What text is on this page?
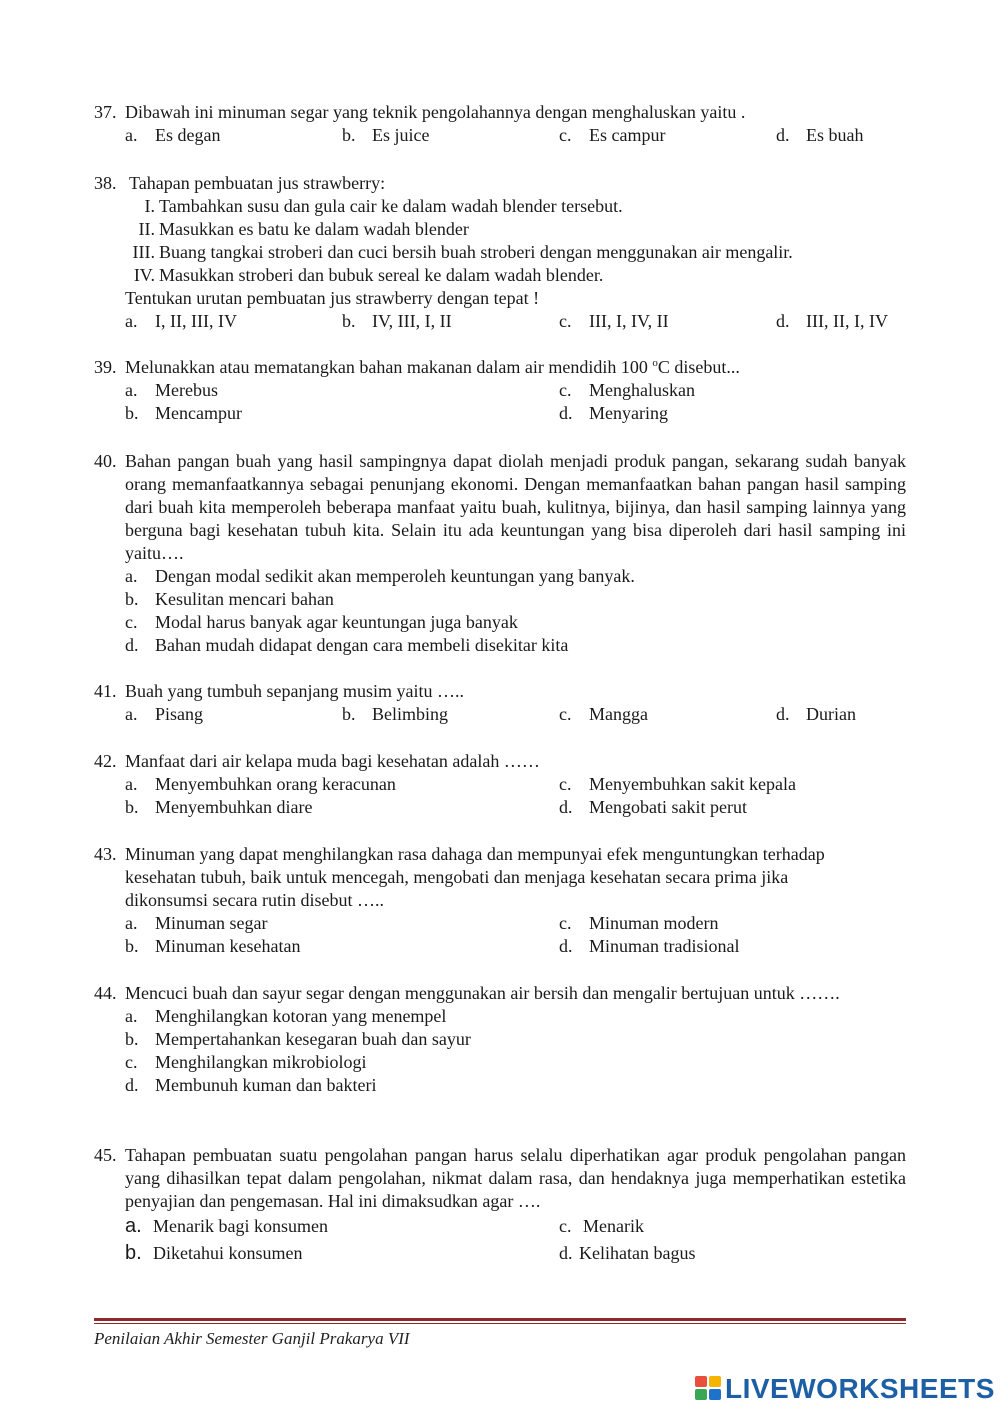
37. Dibawah ini minuman segar yang teknik pengolahannya dengan menghaluskan yaitu .
a. Es degan	b. Es juice	c. Es campur	d. Es buah
38. Tahapan pembuatan jus strawberry:
I. Tambahkan susu dan gula cair ke dalam wadah blender tersebut.
II. Masukkan es batu ke dalam wadah blender
III. Buang tangkai stroberi dan cuci bersih buah stroberi dengan menggunakan air mengalir.
IV. Masukkan stroberi dan bubuk sereal ke dalam wadah blender.
Tentukan urutan pembuatan jus strawberry dengan tepat !
a. I, II, III, IV	b. IV, III, I, II	c. III, I, IV, II	d. III, II, I, IV
39. Melunakkan atau mematangkan bahan makanan dalam air mendidih 100 $^o$C disebut...
a. Merebus	c. Menghaluskan
b. Mencampur	d. Menyaring
40. Bahan pangan buah yang hasil sampingnya dapat diolah menjadi produk pangan, sekarang sudah banyak orang memanfaatkannya sebagai penunjang ekonomi. Dengan memanfaatkan bahan pangan hasil samping dari buah kita memperoleh beberapa manfaat yaitu buah, kulitnya, bijinya, dan hasil samping lainnya yang berguna bagi kesehatan tubuh kita. Selain itu ada keuntungan yang bisa diperoleh dari hasil samping ini yaitu….
a. Dengan modal sedikit akan memperoleh keuntungan yang banyak.
b. Kesulitan mencari bahan
c. Modal harus banyak agar keuntungan juga banyak
d. Bahan mudah didapat dengan cara membeli disekitar kita
41. Buah yang tumbuh sepanjang musim yaitu …..
a. Pisang	b. Belimbing	c. Mangga	d. Durian
42. Manfaat dari air kelapa muda bagi kesehatan adalah ……
a. Menyembuhkan orang keracunan	c. Menyembuhkan sakit kepala
b. Menyembuhkan diare	d. Mengobati sakit perut
43. Minuman yang dapat menghilangkan rasa dahaga dan mempunyai efek menguntungkan terhadap kesehatan tubuh, baik untuk mencegah, mengobati dan menjaga kesehatan secara prima jika dikonsumsi secara rutin disebut …..
a. Minuman segar	c. Minuman modern
b. Minuman kesehatan	d. Minuman tradisional
44. Mencuci buah dan sayur segar dengan menggunakan air bersih dan mengalir bertujuan untuk …….
a. Menghilangkan kotoran yang menempel
b. Mempertahankan kesegaran buah dan sayur
c. Menghilangkan mikrobiologi
d. Membunuh kuman dan bakteri
45. Tahapan pembuatan suatu pengolahan pangan harus selalu diperhatikan agar produk pengolahan pangan yang dihasilkan tepat dalam pengolahan, nikmat dalam rasa, dan hendaknya juga memperhatikan estetika penyajian dan pengemasan. Hal ini dimaksudkan agar ….
a. Menarik bagi konsumen	c. Menarik
b. Diketahui konsumen	d. Kelihatan bagus
Penilaian Akhir Semester Ganjil Prakarya VII
LIVEWORKSHEETS
